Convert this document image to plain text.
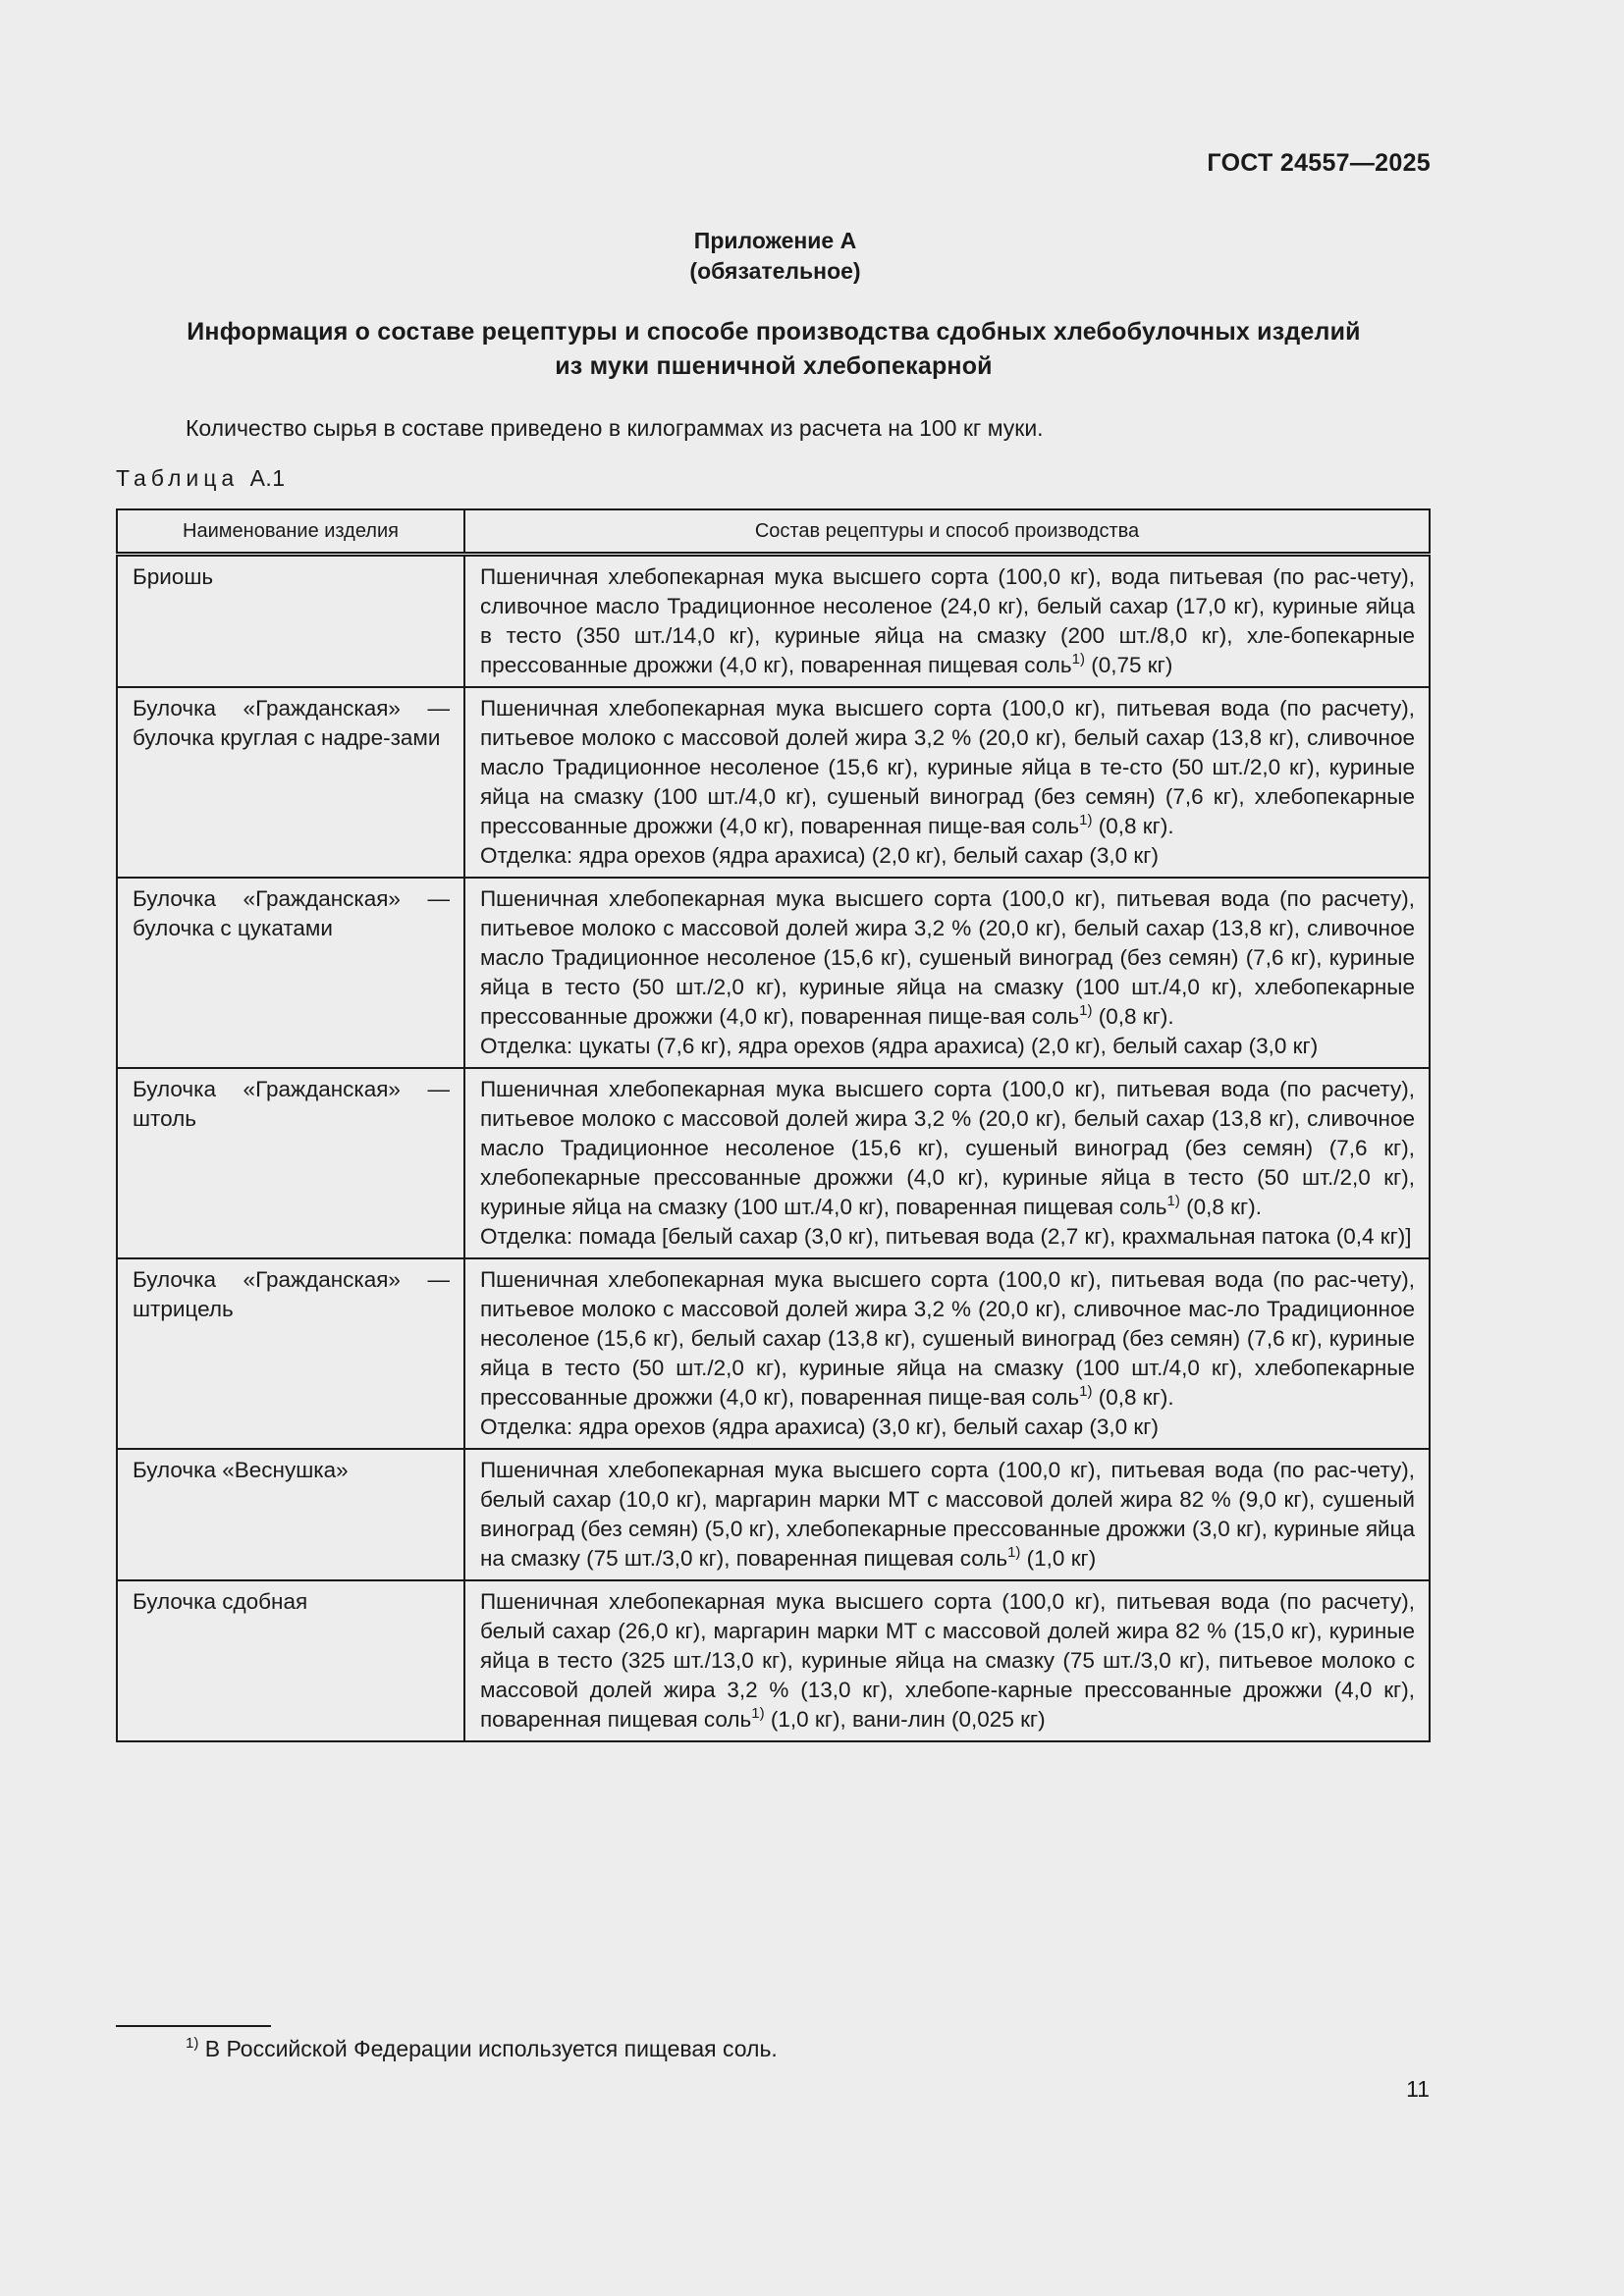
ГОСТ 24557—2025
Приложение А
(обязательное)
Информация о составе рецептуры и способе производства сдобных хлебобулочных изделий
из муки пшеничной хлебопекарной
Количество сырья в составе приведено в килограммах из расчета на 100 кг муки.
Таблица А.1
Наименование изделия	Состав рецептуры и способ производства
Бриошь	Пшеничная хлебопекарная мука высшего сорта (100,0 кг), вода питьевая (по рас-чету), сливочное масло Традиционное несоленое (24,0 кг), белый сахар (17,0 кг), куриные яйца в тесто (350 шт./14,0 кг), куриные яйца на смазку (200 шт./8,0 кг), хле-бопекарные прессованные дрожжи (4,0 кг), поваренная пищевая соль$^{1)}$ (0,75 кг)

Булочка «Гражданская» — булочка круглая с надре-зами	Пшеничная хлебопекарная мука высшего сорта (100,0 кг), питьевая вода (по расчету), питьевое молоко с массовой долей жира 3,2 % (20,0 кг), белый сахар (13,8 кг), сливочное масло Традиционное несоленое (15,6 кг), куриные яйца в те-сто (50 шт./2,0 кг), куриные яйца на смазку (100 шт./4,0 кг), сушеный виноград (без семян) (7,6 кг), хлебопекарные прессованные дрожжи (4,0 кг), поваренная пище-вая соль$^{1)}$ (0,8 кг).
Отделка: ядра орехов (ядра арахиса) (2,0 кг), белый сахар (3,0 кг)

Булочка «Гражданская» — булочка с цукатами	Пшеничная хлебопекарная мука высшего сорта (100,0 кг), питьевая вода (по расчету), питьевое молоко с массовой долей жира 3,2 % (20,0 кг), белый сахар (13,8 кг), сливочное масло Традиционное несоленое (15,6 кг), сушеный виноград (без семян) (7,6 кг), куриные яйца в тесто (50 шт./2,0 кг), куриные яйца на смазку (100 шт./4,0 кг), хлебопекарные прессованные дрожжи (4,0 кг), поваренная пище-вая соль$^{1)}$ (0,8 кг).
Отделка: цукаты (7,6 кг), ядра орехов (ядра арахиса) (2,0 кг), белый сахар (3,0 кг)

Булочка «Гражданская» — штоль	Пшеничная хлебопекарная мука высшего сорта (100,0 кг), питьевая вода (по расчету), питьевое молоко с массовой долей жира 3,2 % (20,0 кг), белый сахар (13,8 кг), сливочное масло Традиционное несоленое (15,6 кг), сушеный виноград (без семян) (7,6 кг), хлебопекарные прессованные дрожжи (4,0 кг), куриные яйца в тесто (50 шт./2,0 кг), куриные яйца на смазку (100 шт./4,0 кг), поваренная пищевая соль$^{1)}$ (0,8 кг).
Отделка: помада [белый сахар (3,0 кг), питьевая вода (2,7 кг), крахмальная патока (0,4 кг)]

Булочка «Гражданская» — штрицель	Пшеничная хлебопекарная мука высшего сорта (100,0 кг), питьевая вода (по рас-чету), питьевое молоко с массовой долей жира 3,2 % (20,0 кг), сливочное мас-ло Традиционное несоленое (15,6 кг), белый сахар (13,8 кг), сушеный виноград (без семян) (7,6 кг), куриные яйца в тесто (50 шт./2,0 кг), куриные яйца на смазку (100 шт./4,0 кг), хлебопекарные прессованные дрожжи (4,0 кг), поваренная пище-вая соль$^{1)}$ (0,8 кг).
Отделка: ядра орехов (ядра арахиса) (3,0 кг), белый сахар (3,0 кг)

Булочка «Веснушка»	Пшеничная хлебопекарная мука высшего сорта (100,0 кг), питьевая вода (по рас-чету), белый сахар (10,0 кг), маргарин марки МТ с массовой долей жира 82 % (9,0 кг), сушеный виноград (без семян) (5,0 кг), хлебопекарные прессованные дрожжи (3,0 кг), куриные яйца на смазку (75 шт./3,0 кг), поваренная пищевая соль$^{1)}$ (1,0 кг)

Булочка сдобная	Пшеничная хлебопекарная мука высшего сорта (100,0 кг), питьевая вода (по расчету), белый сахар (26,0 кг), маргарин марки МТ с массовой долей жира 82 % (15,0 кг), куриные яйца в тесто (325 шт./13,0 кг), куриные яйца на смазку (75 шт./3,0 кг), питьевое молоко с массовой долей жира 3,2 % (13,0 кг), хлебопе-карные прессованные дрожжи (4,0 кг), поваренная пищевая соль$^{1)}$ (1,0 кг), вани-лин (0,025 кг)
$^{1)}$ В Российской Федерации используется пищевая соль.
11
